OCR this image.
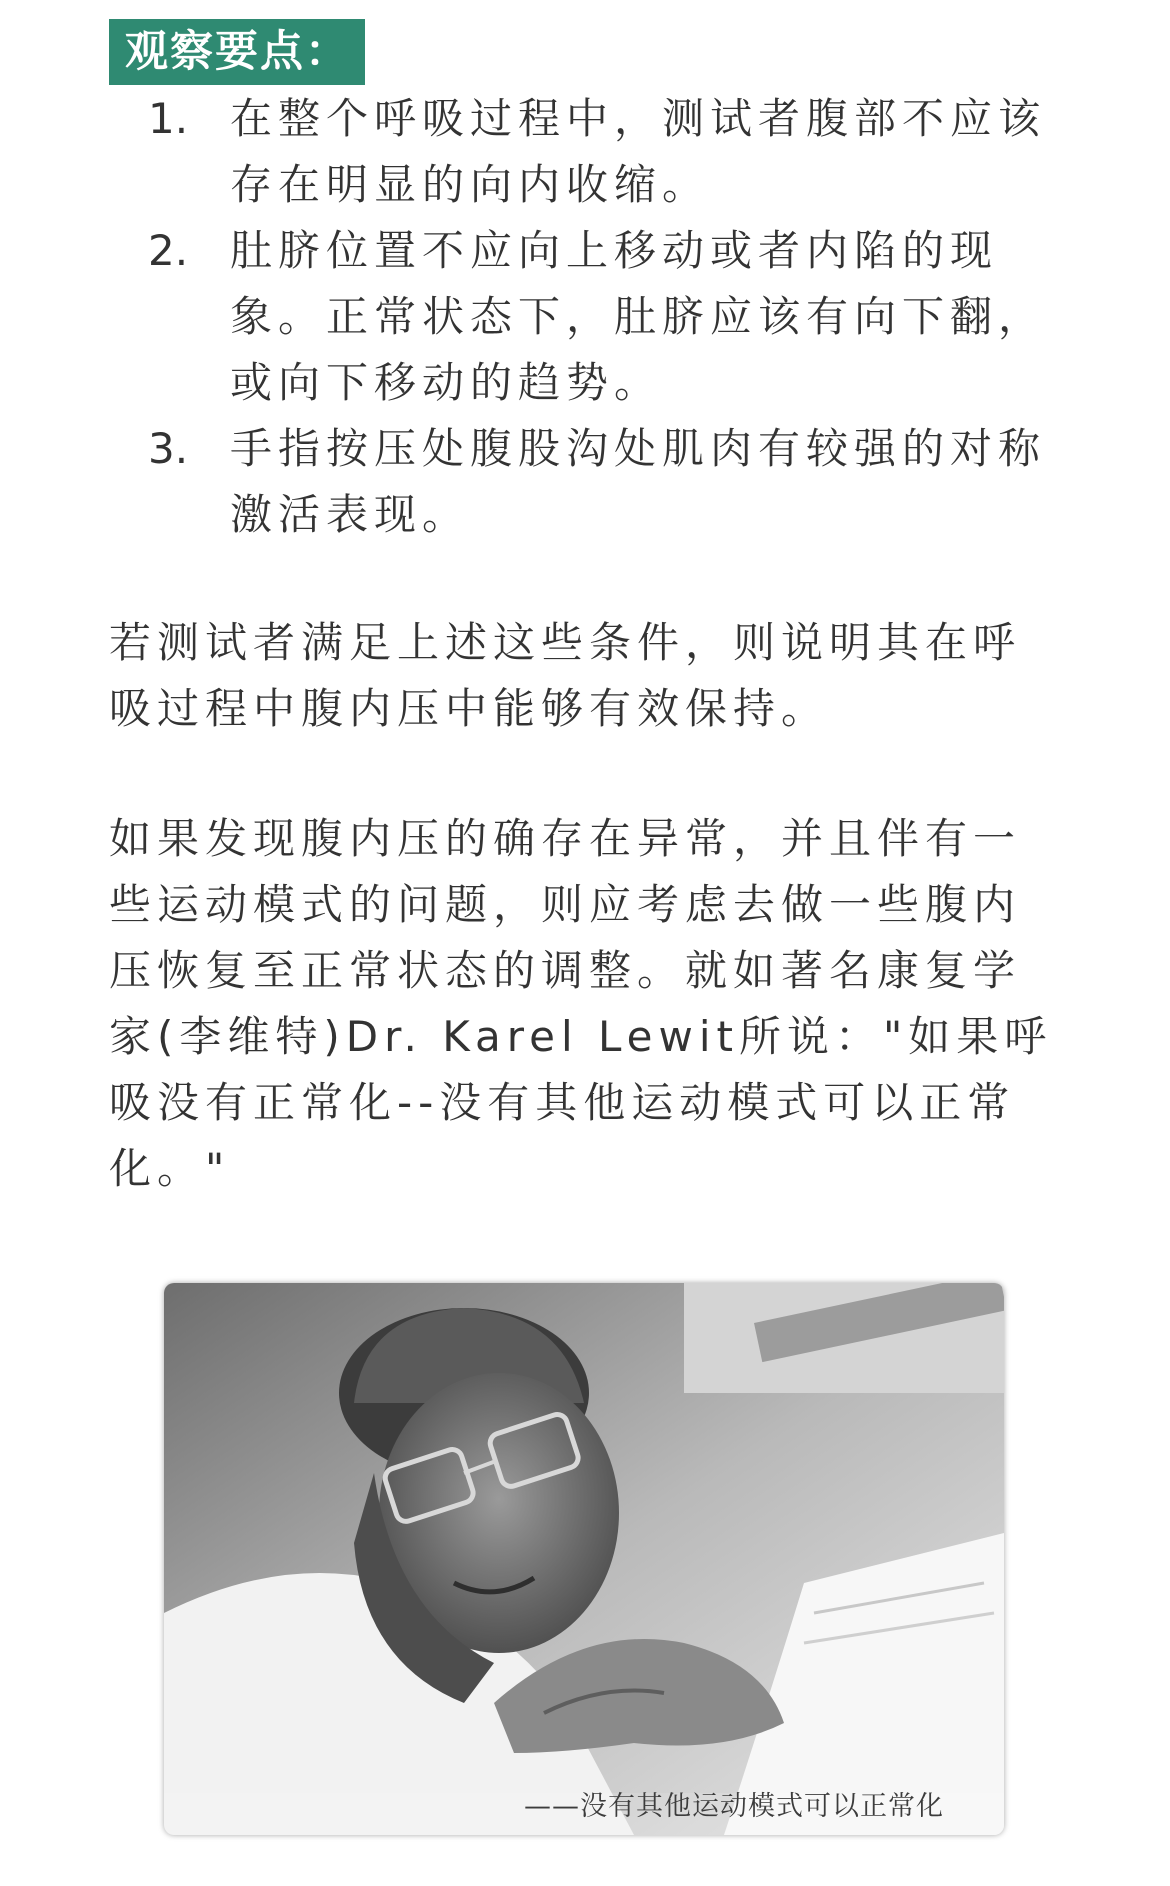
观察要点：
1. 在整个呼吸过程中，测试者腹部不应该存在明显的向内收缩。
2. 肚脐位置不应向上移动或者内陷的现象。正常状态下，肚脐应该有向下翻，或向下移动的趋势。
3. 手指按压处腹股沟处肌肉有较强的对称激活表现。

若测试者满足上述这些条件，则说明其在呼吸过程中腹内压中能够有效保持。

如果发现腹内压的确存在异常，并且伴有一些运动模式的问题，则应考虑去做一些腹内压恢复至正常状态的调整。就如著名康复学家(李维特)Dr. Karel Lewit所说："如果呼吸没有正常化--没有其他运动模式可以正常化。"

——没有其他运动模式可以正常化
